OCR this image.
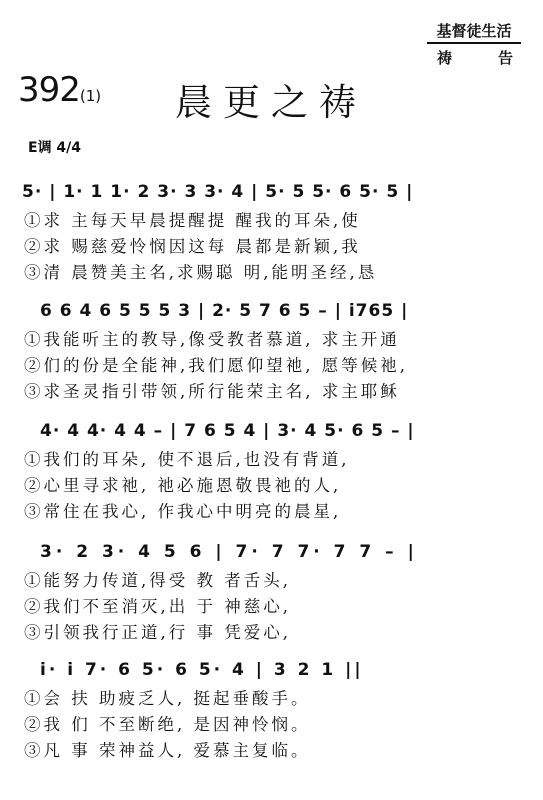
基督徒生活
祷	告
392(1) 晨更之祷
E调 4/4
5· | 1· 1 1· 2 3· 3 3· 4 | 5· 5 5· 6 5· 5 |
①求 主每天早晨提醒提 醒我的耳朵,使
②求 赐慈爱怜悯因这每 晨都是新颖,我
③清 晨赞美主名,求赐聪 明,能明圣经,恳
6 6 4 6 5 5 5 3 | 2· 5 7 6 5 – | i765 |
①我能听主的教导,像受教者慕道, 求主开通
②们的份是全能神,我们愿仰望祂, 愿等候祂,
③求圣灵指引带领,所行能荣主名, 求主耶稣
4· 4 4· 4 4 – | 7 6 5 4 | 3· 4 5· 6 5 – |
①我们的耳朵, 使不退后,也没有背道,
②心里寻求祂, 祂必施恩敬畏祂的人,
③常住在我心, 作我心中明亮的晨星,
3· 2 3· 4 5 6 | 7· 7 7· 7 7 – |
①能努力传道,得受 教 者舌头,
②我们不至消灭,出 于 神慈心,
③引领我行正道,行 事 凭爱心,
i· i 7· 6 5· 6 5· 4 | 3 2 1 ||
①会 扶 助疲乏人, 挺起垂酸手。
②我 们 不至断绝, 是因神怜悯。
③凡 事 荣神益人, 爱慕主复临。
